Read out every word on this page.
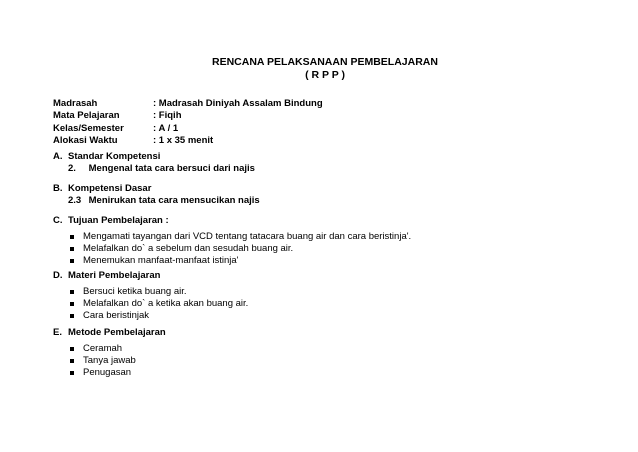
RENCANA PELAKSANAAN PEMBELAJARAN
( R P P )
Madrasah	: Madrasah Diniyah Assalam Bindung
Mata Pelajaran	: Fiqih
Kelas/Semester	: A / 1
Alokasi Waktu	: 1 x 35 menit
A. Standar Kompetensi
2. Mengenal tata cara bersuci dari najis
B. Kompetensi Dasar
2.3 Menirukan tata cara mensucikan najis
C. Tujuan Pembelajaran :
Mengamati tayangan dari VCD tentang tatacara buang air dan cara beristinja'.
Melafalkan do` a sebelum dan sesudah buang air.
Menemukan manfaat-manfaat istinja'
D. Materi Pembelajaran
Bersuci ketika buang air.
Melafalkan do` a ketika akan buang air.
Cara beristinjak
E. Metode Pembelajaran
Ceramah
Tanya jawab
Penugasan
